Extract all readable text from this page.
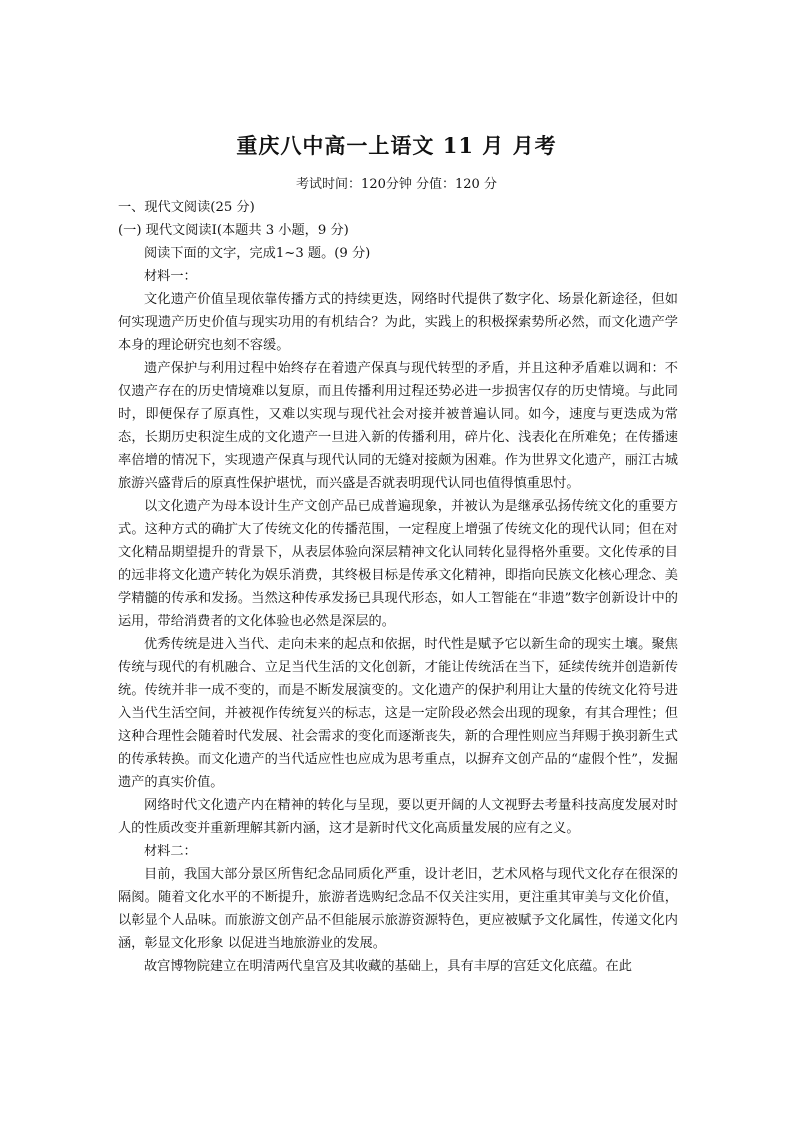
重庆八中高一上语文 11 月 月考
考试时间：120分钟 分值：120 分

一、现代文阅读(25 分)

(一) 现代文阅读Ⅰ(本题共 3 小题，9 分)

阅读下面的文字，完成1~3 题。(9 分)

材料一：

文化遗产价值呈现依靠传播方式的持续更迭，网络时代提供了数字化、场景化新途径，但如何实现遗产历史价值与现实功用的有机结合？为此，实践上的积极探索势所必然，而文化遗产学本身的理论研究也刻不容缓。

遗产保护与利用过程中始终存在着遗产保真与现代转型的矛盾，并且这种矛盾难以调和：不仅遗产存在的历史情境难以复原，而且传播利用过程还势必进一步损害仅存的历史情境。与此同时，即便保存了原真性，又难以实现与现代社会对接并被普遍认同。如今，速度与更迭成为常态，长期历史积淀生成的文化遗产一旦进入新的传播利用，碎片化、浅表化在所难免；在传播速率倍增的情况下，实现遗产保真与现代认同的无缝对接颇为困难。作为世界文化遗产，丽江古城旅游兴盛背后的原真性保护堪忧，而兴盛是否就表明现代认同也值得慎重思忖。

以文化遗产为母本设计生产文创产品已成普遍现象，并被认为是继承弘扬传统文化的重要方式。这种方式的确扩大了传统文化的传播范围，一定程度上增强了传统文化的现代认同；但在对文化精品期望提升的背景下，从表层体验向深层精神文化认同转化显得格外重要。文化传承的目的远非将文化遗产转化为娱乐消费，其终极目标是传承文化精神，即指向民族文化核心理念、美学精髓的传承和发扬。当然这种传承发扬已具现代形态，如人工智能在“非遗”数字创新设计中的运用，带给消费者的文化体验也必然是深层的。

优秀传统是进入当代、走向未来的起点和依据，时代性是赋予它以新生命的现实土壤。聚焦传统与现代的有机融合、立足当代生活的文化创新，才能让传统活在当下，延续传统并创造新传统。传统并非一成不变的，而是不断发展演变的。文化遗产的保护利用让大量的传统文化符号进入当代生活空间，并被视作传统复兴的标志，这是一定阶段必然会出现的现象，有其合理性；但这种合理性会随着时代发展、社会需求的变化而逐渐丧失，新的合理性则应当拜赐于换羽新生式的传承转换。而文化遗产的当代适应性也应成为思考重点，以摒弃文创产品的“虚假个性”，发掘遗产的真实价值。

网络时代文化遗产内在精神的转化与呈现，要以更开阔的人文视野去考量科技高度发展对时人的性质改变并重新理解其新内涵，这才是新时代文化高质量发展的应有之义。

材料二：

目前，我国大部分景区所售纪念品同质化严重，设计老旧，艺术风格与现代文化存在很深的隔阂。随着文化水平的不断提升，旅游者选购纪念品不仅关注实用，更注重其审美与文化价值，以彰显个人品味。而旅游文创产品不但能展示旅游资源特色，更应被赋予文化属性，传递文化内涵，彰显文化形象 以促进当地旅游业的发展。

故宫博物院建立在明清两代皇宫及其收藏的基础上，具有丰厚的宫廷文化底蕴。在此
